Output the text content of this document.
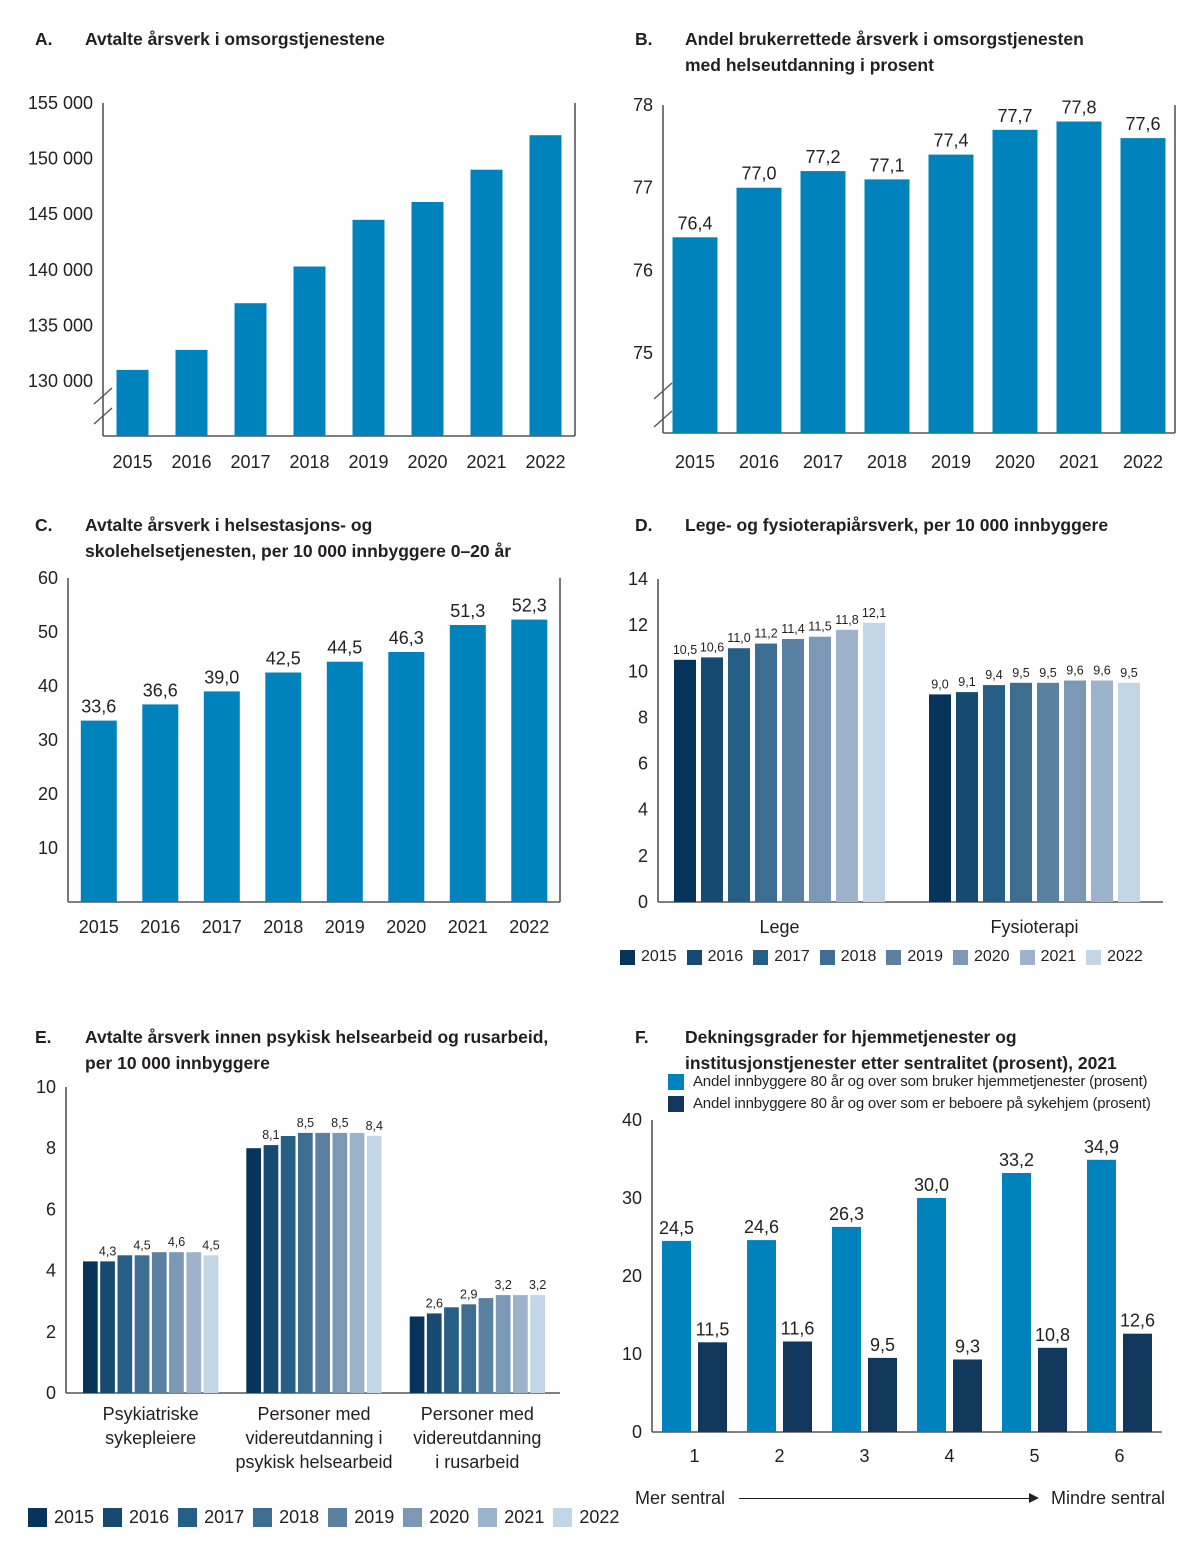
A.	Avtalte årsverk i omsorgstjenestene
130 000
135 000
140 000
145 000
150 000
155 000
2015 2016 2017 2018 2019 2020 2021 2022
B.	Andel brukerrettede årsverk i omsorgstjenesten
med helseutdanning i prosent
75
76
77
78
2015
76,4
2016
77,0
2017
77,2
2018
77,1
2019
77,4
2020
77,7
2021
77,8
2022
77,6
C.	Avtalte årsverk i helsestasjons- og
skolehelsetjenesten, per 10 000 innbyggere 0–20 år
10
20
30
40
50
60
2015
33,6
2016
36,6
2017
39,0
2018
42,5
2019
44,5
2020
46,3
2021
51,3
2022
52,3
D.	Lege- og fysioterapiårsverk, per 10 000 innbyggere
0
2
4
6
8
10
12
14
10,5 10,6
11,0 11,2 11,4 11,5 11,8 12,1
Lege
9,0 9,1 9,4 9,5 9,5 9,6 9,6 9,5
Fysioterapi
2015 2016 2017 2018 2019 2020 2021 2022
E.	Avtalte årsverk innen psykisk helsearbeid og rusarbeid,
per 10 000 innbyggere
0
2
4
6
8
10
4,3 4,5 4,6 4,5
Psykiatriske sykepleiere
8,1
8,5 8,5 8,4
Personer med videreutdanning i psykisk helsearbeid
2,6
2,9
3,2 3,2
Personer med videreutdanning i rusarbeid
2015 2016 2017 2018 2019 2020 2021 2022
F.	Dekningsgrader for hjemmetjenester og
institusjonstjenester etter sentralitet (prosent), 2021
Andel innbyggere 80 år og over som bruker hjemmetjenester (prosent)
Andel innbyggere 80 år og over som er beboere på sykehjem (prosent)
0
10
20
30
40
24,5
11,5
1
24,6
11,6
2
26,3
9,5
3
30,0
9,3
4
33,2
10,8
5
34,9
12,6
6
Mer sentral	Mindre sentral
